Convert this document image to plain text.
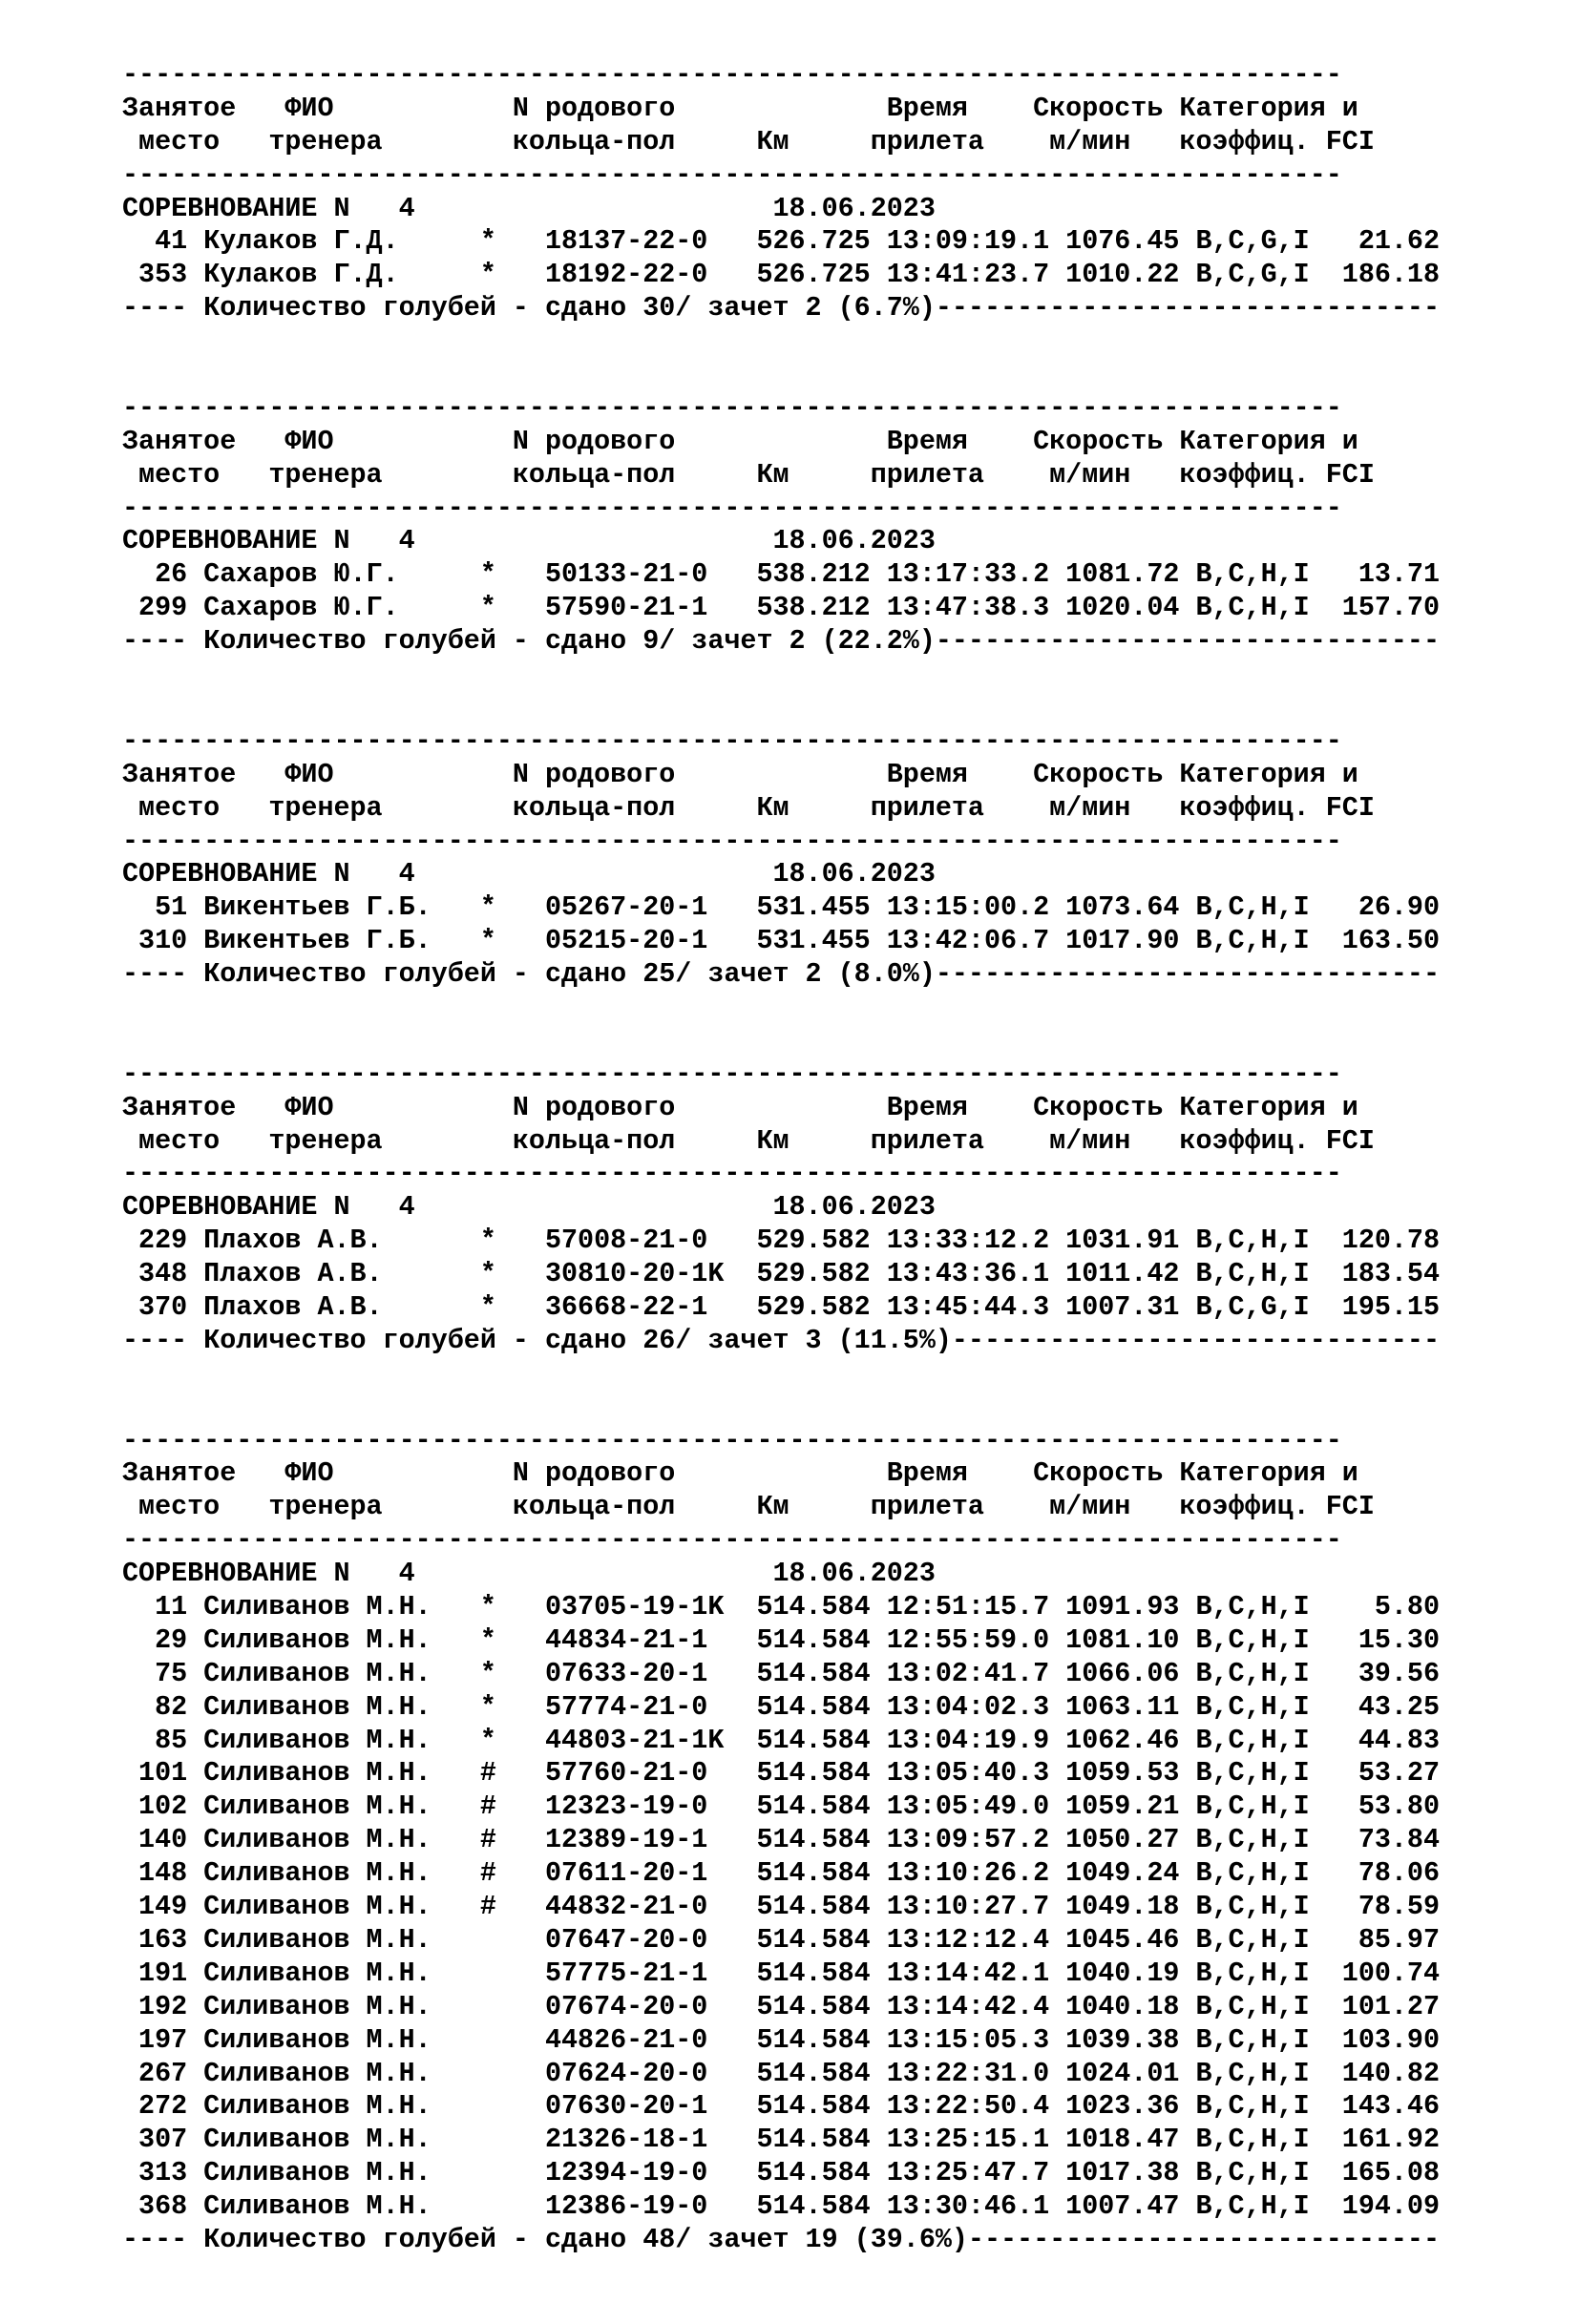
---------------------------------------------------------------------------
Занятое   ФИО           N родового             Время    Скорость Категория и
место   тренера        кольца-пол     Км     прилета    м/мин   коэффиц. FCI
---------------------------------------------------------------------------
СОРЕВНОВАНИЕ N   4                      18.06.2023
41 Кулаков Г.Д.     *   18137-22-0   526.725 13:09:19.1 1076.45 B,C,G,I   21.62
353 Кулаков Г.Д.     *   18192-22-0   526.725 13:41:23.7 1010.22 B,C,G,I  186.18
---- Количество голубей - сдано 30/ зачет 2 (6.7%)-------------------------------
---------------------------------------------------------------------------
Занятое   ФИО           N родового             Время    Скорость Категория и
место   тренера        кольца-пол     Км     прилета    м/мин   коэффиц. FCI
---------------------------------------------------------------------------
СОРЕВНОВАНИЕ N   4                      18.06.2023
26 Сахаров Ю.Г.     *   50133-21-0   538.212 13:17:33.2 1081.72 B,C,H,I   13.71
299 Сахаров Ю.Г.     *   57590-21-1   538.212 13:47:38.3 1020.04 B,C,H,I  157.70
---- Количество голубей - сдано 9/ зачет 2 (22.2%)-------------------------------
---------------------------------------------------------------------------
Занятое   ФИО           N родового             Время    Скорость Категория и
место   тренера        кольца-пол     Км     прилета    м/мин   коэффиц. FCI
---------------------------------------------------------------------------
СОРЕВНОВАНИЕ N   4                      18.06.2023
51 Викентьев Г.Б.   *   05267-20-1   531.455 13:15:00.2 1073.64 B,C,H,I   26.90
310 Викентьев Г.Б.   *   05215-20-1   531.455 13:42:06.7 1017.90 B,C,H,I  163.50
---- Количество голубей - сдано 25/ зачет 2 (8.0%)-------------------------------
---------------------------------------------------------------------------
Занятое   ФИО           N родового             Время    Скорость Категория и
место   тренера        кольца-пол     Км     прилета    м/мин   коэффиц. FCI
---------------------------------------------------------------------------
СОРЕВНОВАНИЕ N   4                      18.06.2023
229 Плахов А.В.      *   57008-21-0   529.582 13:33:12.2 1031.91 B,C,H,I  120.78
348 Плахов А.В.      *   30810-20-1K  529.582 13:43:36.1 1011.42 B,C,H,I  183.54
370 Плахов А.В.      *   36668-22-1   529.582 13:45:44.3 1007.31 B,C,G,I  195.15
---- Количество голубей - сдано 26/ зачет 3 (11.5%)------------------------------
---------------------------------------------------------------------------
Занятое   ФИО           N родового             Время    Скорость Категория и
место   тренера        кольца-пол     Км     прилета    м/мин   коэффиц. FCI
---------------------------------------------------------------------------
СОРЕВНОВАНИЕ N   4                      18.06.2023
11 Силиванов М.Н.   *   03705-19-1K  514.584 12:51:15.7 1091.93 B,C,H,I    5.80
29 Силиванов М.Н.   *   44834-21-1   514.584 12:55:59.0 1081.10 B,C,H,I   15.30
75 Силиванов М.Н.   *   07633-20-1   514.584 13:02:41.7 1066.06 B,C,H,I   39.56
82 Силиванов М.Н.   *   57774-21-0   514.584 13:04:02.3 1063.11 B,C,H,I   43.25
85 Силиванов М.Н.   *   44803-21-1K  514.584 13:04:19.9 1062.46 B,C,H,I   44.83
101 Силиванов М.Н.   #   57760-21-0   514.584 13:05:40.3 1059.53 B,C,H,I   53.27
102 Силиванов М.Н.   #   12323-19-0   514.584 13:05:49.0 1059.21 B,C,H,I   53.80
140 Силиванов М.Н.   #   12389-19-1   514.584 13:09:57.2 1050.27 B,C,H,I   73.84
148 Силиванов М.Н.   #   07611-20-1   514.584 13:10:26.2 1049.24 B,C,H,I   78.06
149 Силиванов М.Н.   #   44832-21-0   514.584 13:10:27.7 1049.18 B,C,H,I   78.59
163 Силиванов М.Н.       07647-20-0   514.584 13:12:12.4 1045.46 B,C,H,I   85.97
191 Силиванов М.Н.       57775-21-1   514.584 13:14:42.1 1040.19 B,C,H,I  100.74
192 Силиванов М.Н.       07674-20-0   514.584 13:14:42.4 1040.18 B,C,H,I  101.27
197 Силиванов М.Н.       44826-21-0   514.584 13:15:05.3 1039.38 B,C,H,I  103.90
267 Силиванов М.Н.       07624-20-0   514.584 13:22:31.0 1024.01 B,C,H,I  140.82
272 Силиванов М.Н.       07630-20-1   514.584 13:22:50.4 1023.36 B,C,H,I  143.46
307 Силиванов М.Н.       21326-18-1   514.584 13:25:15.1 1018.47 B,C,H,I  161.92
313 Силиванов М.Н.       12394-19-0   514.584 13:25:47.7 1017.38 B,C,H,I  165.08
368 Силиванов М.Н.       12386-19-0   514.584 13:30:46.1 1007.47 B,C,H,I  194.09
---- Количество голубей - сдано 48/ зачет 19 (39.6%)-----------------------------
